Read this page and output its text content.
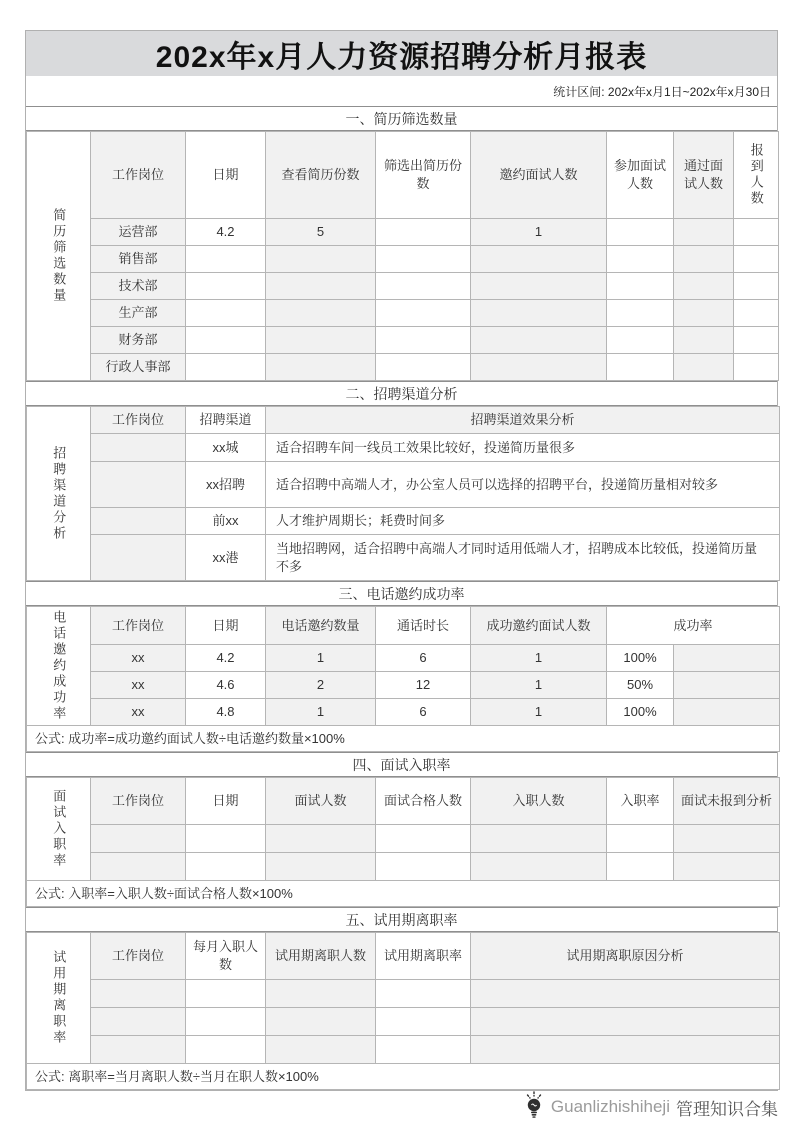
202x年x月人力资源招聘分析月报表
统计区间: 202x年x月1日~202x年x月30日
一、简历筛选数量
简历筛选数量	工作岗位	日期	查看简历份数	筛选出简历份数	邀约面试人数	参加面试人数	通过面试人数	报到人数

	运营部	4.2	5		1			
	销售部							
	技术部							
	生产部							
	财务部							
	行政人事部							
二、招聘渠道分析
招聘渠道分析	工作岗位	招聘渠道	招聘渠道效果分析
		xx城	适合招聘车间一线员工效果比较好，投递简历量很多
		xx招聘	适合招聘中高端人才，办公室人员可以选择的招聘平台，投递简历量相对较多
		前xx	人才维护周期长；耗费时间多
		xx港	当地招聘网，适合招聘中高端人才同时适用低端人才，招聘成本比较低，投递简历量不多
三、电话邀约成功率
电话邀约成功率	工作岗位	日期	电话邀约数量	通话时长	成功邀约面试人数	成功率	
	xx	4.2	1	6	1	100%	
	xx	4.6	2	12	1	50%	
	xx	4.8	1	6	1	100%	
公式: 成功率=成功邀约面试人数÷电话邀约数量×100%							
四、面试入职率
面试入职率	工作岗位	日期	面试人数	面试合格人数	入职人数	入职率	面试未报到分析

公式: 入职率=入职人数÷面试合格人数×100%							
五、试用期离职率
试用期离职率	工作岗位	每月入职人数	试用期离职人数	试用期离职率	试用期离职原因分析

公式: 离职率=当月离职人数÷当月在职人数×100%					
Guanlizhishiheji 管理知识合集
